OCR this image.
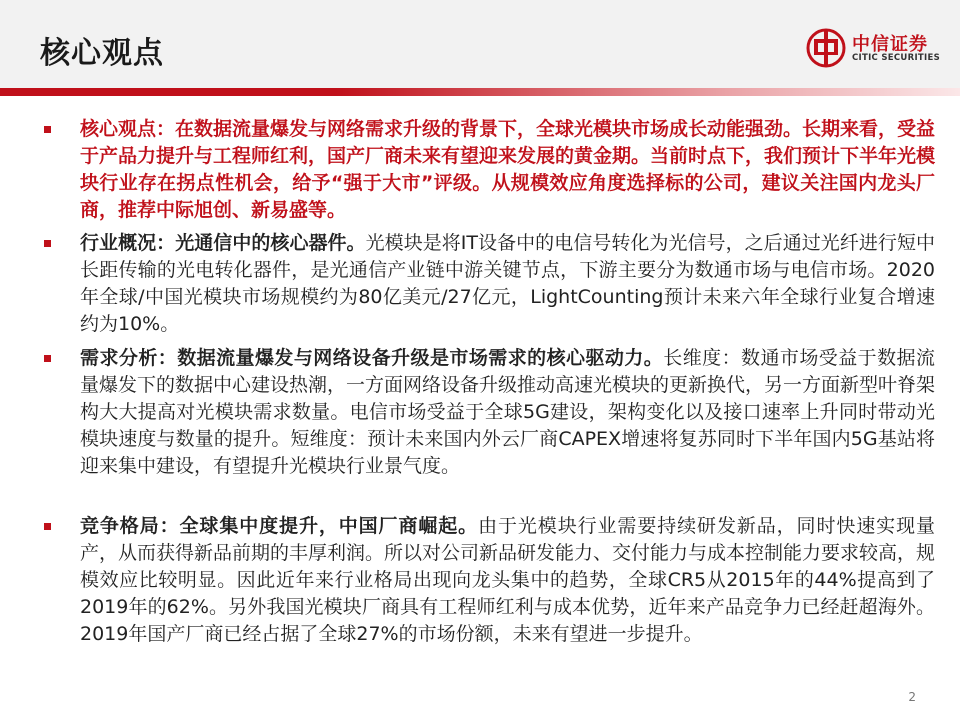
核心观点	中信证券
CITIC SECURITIES

核心观点：在数据流量爆发与网络需求升级的背景下，全球光模块市场成长动能强劲。长期来看，受益于产品力提升与工程师红利，国产厂商未来有望迎来发展的黄金期。当前时点下，我们预计下半年光模块行业存在拐点性机会，给予“强于大市”评级。从规模效应角度选择标的公司，建议关注国内龙头厂商，推荐中际旭创、新易盛等。

行业概况：光通信中的核心器件。光模块是将IT设备中的电信号转化为光信号，之后通过光纤进行短中长距传输的光电转化器件，是光通信产业链中游关键节点，下游主要分为数通市场与电信市场。2020年全球/中国光模块市场规模约为80亿美元/27亿元，LightCounting预计未来六年全球行业复合增速约为10%。

需求分析：数据流量爆发与网络设备升级是市场需求的核心驱动力。长维度：数通市场受益于数据流量爆发下的数据中心建设热潮，一方面网络设备升级推动高速光模块的更新换代，另一方面新型叶脊架构大大提高对光模块需求数量。电信市场受益于全球5G建设，架构变化以及接口速率上升同时带动光模块速度与数量的提升。短维度：预计未来国内外云厂商CAPEX增速将复苏同时下半年国内5G基站将迎来集中建设，有望提升光模块行业景气度。

竞争格局：全球集中度提升，中国厂商崛起。由于光模块行业需要持续研发新品，同时快速实现量产，从而获得新品前期的丰厚利润。所以对公司新品研发能力、交付能力与成本控制能力要求较高，规模效应比较明显。因此近年来行业格局出现向龙头集中的趋势，全球CR5从2015年的44%提高到了2019年的62%。另外我国光模块厂商具有工程师红利与成本优势，近年来产品竞争力已经赶超海外。2019年国产厂商已经占据了全球27%的市场份额，未来有望进一步提升。

2
